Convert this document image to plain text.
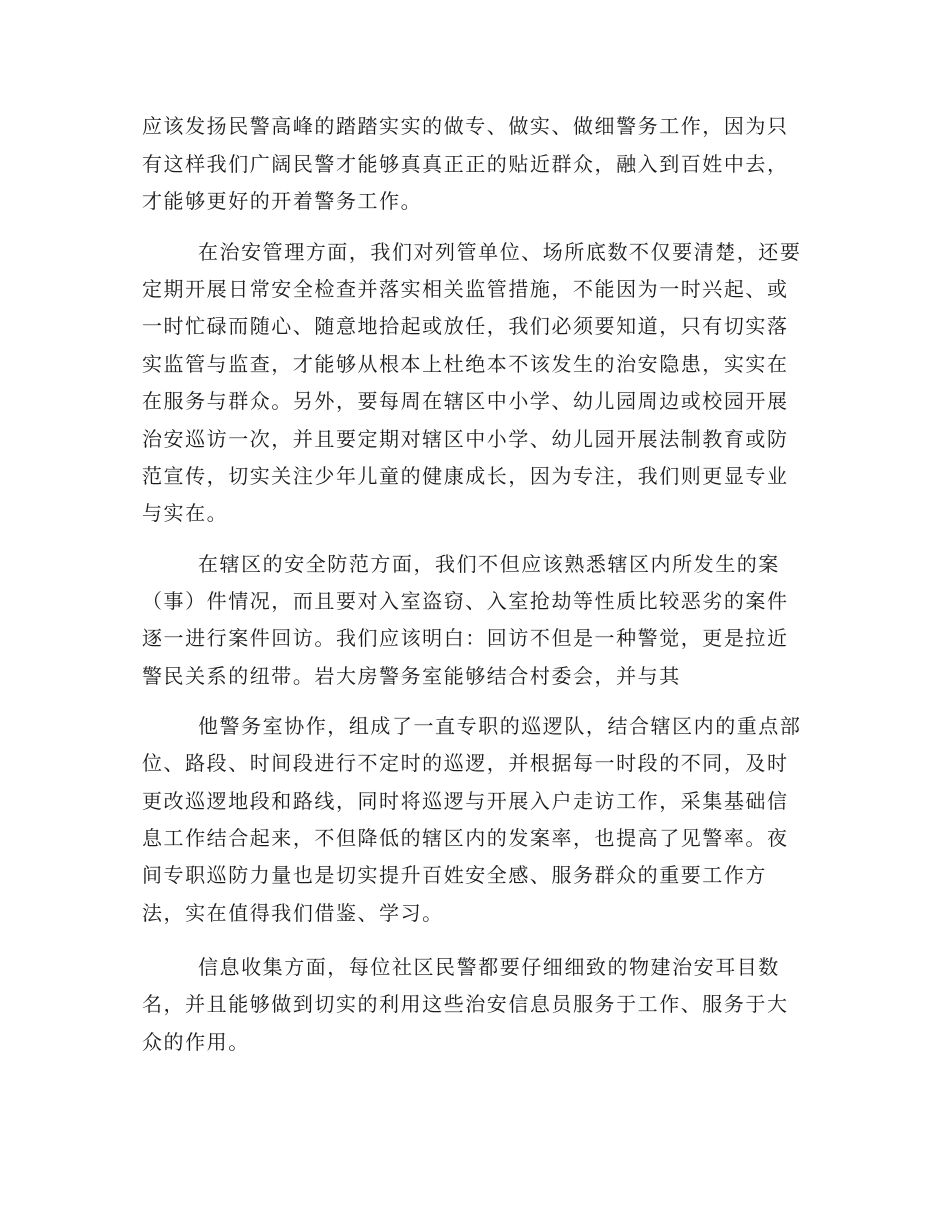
应该发扬民警高峰的踏踏实实的做专、做实、做细警务工作，因为只

有这样我们广阔民警才能够真真正正的贴近群众，融入到百姓中去，

才能够更好的开着警务工作。

在治安管理方面，我们对列管单位、场所底数不仅要清楚，还要

定期开展日常安全检查并落实相关监管措施，不能因为一时兴起、或

一时忙碌而随心、随意地拾起或放任，我们必须要知道，只有切实落

实监管与监查，才能够从根本上杜绝本不该发生的治安隐患，实实在

在服务与群众。另外，要每周在辖区中小学、幼儿园周边或校园开展

治安巡访一次，并且要定期对辖区中小学、幼儿园开展法制教育或防

范宣传，切实关注少年儿童的健康成长，因为专注，我们则更显专业

与实在。

在辖区的安全防范方面，我们不但应该熟悉辖区内所发生的案

（事）件情况，而且要对入室盗窃、入室抢劫等性质比较恶劣的案件

逐一进行案件回访。我们应该明白：回访不但是一种警觉，更是拉近

警民关系的纽带。岩大房警务室能够结合村委会，并与其

他警务室协作，组成了一直专职的巡逻队，结合辖区内的重点部

位、路段、时间段进行不定时的巡逻，并根据每一时段的不同，及时

更改巡逻地段和路线，同时将巡逻与开展入户走访工作，采集基础信

息工作结合起来，不但降低的辖区内的发案率，也提高了见警率。夜

间专职巡防力量也是切实提升百姓安全感、服务群众的重要工作方

法，实在值得我们借鉴、学习。

信息收集方面，每位社区民警都要仔细细致的物建治安耳目数

名，并且能够做到切实的利用这些治安信息员服务于工作、服务于大

众的作用。
